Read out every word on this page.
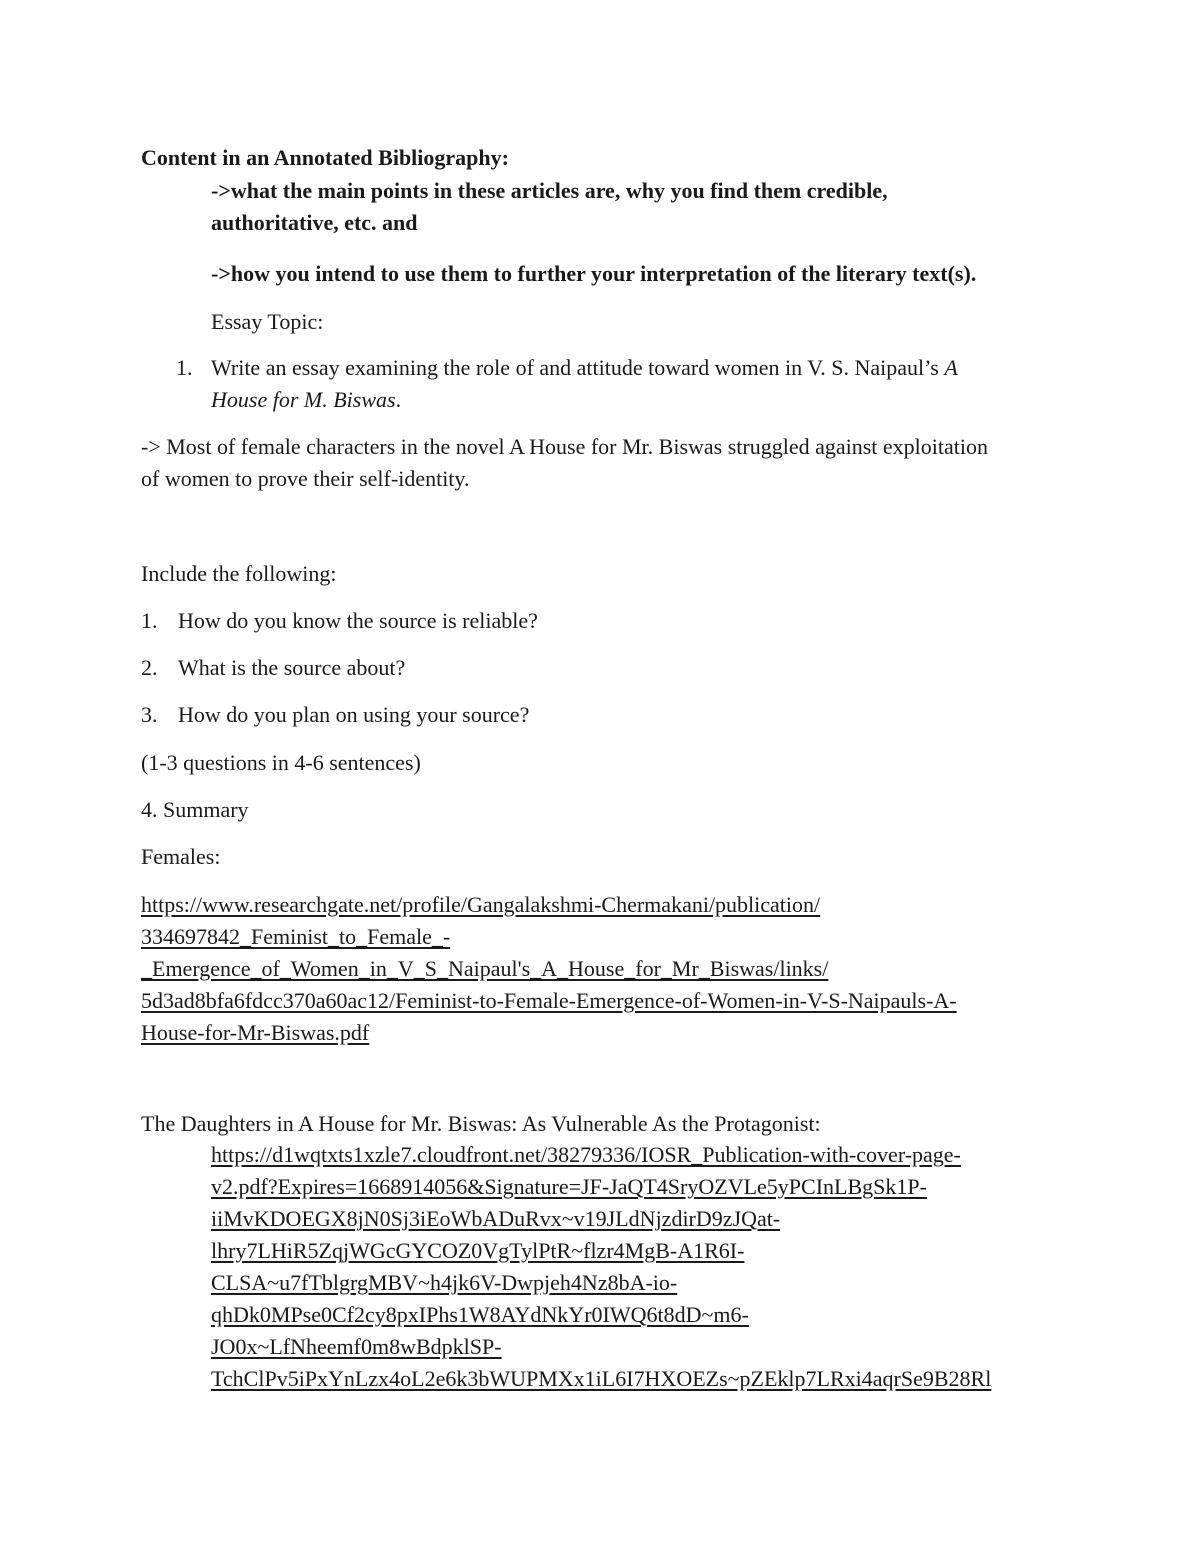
Content in an Annotated Bibliography:
->what the main points in these articles are, why you find them credible,
authoritative, etc. and
->how you intend to use them to further your interpretation of the literary text(s).
Essay Topic:
1. Write an essay examining the role of and attitude toward women in V. S. Naipaul’s A
House for M. Biswas.
-> Most of female characters in the novel A House for Mr. Biswas struggled against exploitation
of women to prove their self-identity.
Include the following:
1. How do you know the source is reliable?
2. What is the source about?
3. How do you plan on using your source?
(1-3 questions in 4-6 sentences)
4. Summary
Females:
https://www.researchgate.net/profile/Gangalakshmi-Chermakani/publication/
334697842_Feminist_to_Female_-
_Emergence_of_Women_in_V_S_Naipaul's_A_House_for_Mr_Biswas/links/
5d3ad8bfa6fdcc370a60ac12/Feminist-to-Female-Emergence-of-Women-in-V-S-Naipauls-A-
House-for-Mr-Biswas.pdf
The Daughters in A House for Mr. Biswas: As Vulnerable As the Protagonist:
https://d1wqtxts1xzle7.cloudfront.net/38279336/IOSR_Publication-with-cover-page-
v2.pdf?Expires=1668914056&Signature=JF-JaQT4SryOZVLe5yPCInLBgSk1P-
iiMvKDOEGX8jN0Sj3iEoWbADuRvx~v19JLdNjzdirD9zJQat-
lhry7LHiR5ZqjWGcGYCOZ0VgTylPtR~flzr4MgB-A1R6I-
CLSA~u7fTblgrgMBV~h4jk6V-Dwpjeh4Nz8bA-io-
qhDk0MPse0Cf2cy8pxIPhs1W8AYdNkYr0IWQ6t8dD~m6-
JO0x~LfNheemf0m8wBdpklSP-
TchClPv5iPxYnLzx4oL2e6k3bWUPMXx1iL6I7HXOEZs~pZEklp7LRxi4aqrSe9B28Rl
